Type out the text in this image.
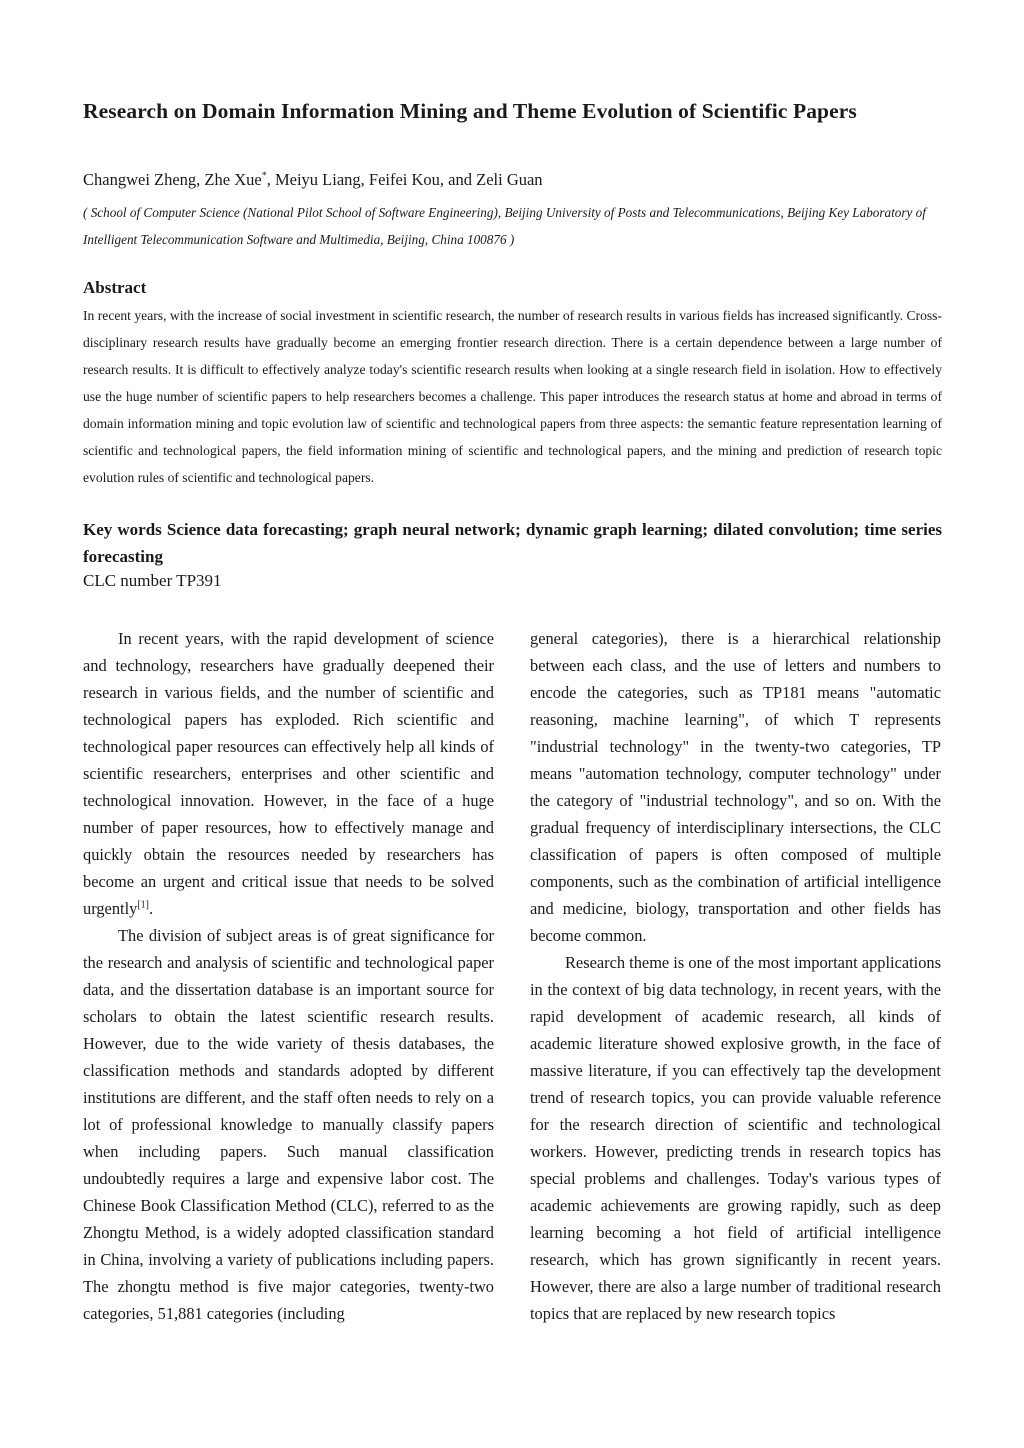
Research on Domain Information Mining and Theme Evolution of Scientific Papers
Changwei Zheng, Zhe Xue*, Meiyu Liang, Feifei Kou, and Zeli Guan
( School of Computer Science (National Pilot School of Software Engineering), Beijing University of Posts and Telecommunications, Beijing Key Laboratory of Intelligent Telecommunication Software and Multimedia, Beijing, China 100876 )
Abstract
In recent years, with the increase of social investment in scientific research, the number of research results in various fields has increased significantly. Cross-disciplinary research results have gradually become an emerging frontier research direction. There is a certain dependence between a large number of research results. It is difficult to effectively analyze today's scientific research results when looking at a single research field in isolation. How to effectively use the huge number of scientific papers to help researchers becomes a challenge. This paper introduces the research status at home and abroad in terms of domain information mining and topic evolution law of scientific and technological papers from three aspects: the semantic feature representation learning of scientific and technological papers, the field information mining of scientific and technological papers, and the mining and prediction of research topic evolution rules of scientific and technological papers.
Key words Science data forecasting; graph neural network; dynamic graph learning; dilated convolution; time series forecasting
CLC number TP391

In recent years, with the rapid development of science and technology, researchers have gradually deepened their research in various fields, and the number of scientific and technological papers has exploded. Rich scientific and technological paper resources can effectively help all kinds of scientific researchers, enterprises and other scientific and technological innovation. However, in the face of a huge number of paper resources, how to effectively manage and quickly obtain the resources needed by researchers has become an urgent and critical issue that needs to be solved urgently[1].

The division of subject areas is of great significance for the research and analysis of scientific and technological paper data, and the dissertation database is an important source for scholars to obtain the latest scientific research results. However, due to the wide variety of thesis databases, the classification methods and standards adopted by different institutions are different, and the staff often needs to rely on a lot of professional knowledge to manually classify papers when including papers. Such manual classification undoubtedly requires a large and expensive labor cost. The Chinese Book Classification Method (CLC), referred to as the Zhongtu Method, is a widely adopted classification standard in China, involving a variety of publications including papers. The zhongtu method is five major categories, twenty-two categories, 51,881 categories (including

general categories), there is a hierarchical relationship between each class, and the use of letters and numbers to encode the categories, such as TP181 means "automatic reasoning, machine learning", of which T represents "industrial technology" in the twenty-two categories, TP means "automation technology, computer technology" under the category of "industrial technology", and so on. With the gradual frequency of interdisciplinary intersections, the CLC classification of papers is often composed of multiple components, such as the combination of artificial intelligence and medicine, biology, transportation and other fields has become common.

Research theme is one of the most important applications in the context of big data technology, in recent years, with the rapid development of academic research, all kinds of academic literature showed explosive growth, in the face of massive literature, if you can effectively tap the development trend of research topics, you can provide valuable reference for the research direction of scientific and technological workers. However, predicting trends in research topics has special problems and challenges. Today's various types of academic achievements are growing rapidly, such as deep learning becoming a hot field of artificial intelligence research, which has grown significantly in recent years. However, there are also a large number of traditional research topics that are replaced by new research topics
